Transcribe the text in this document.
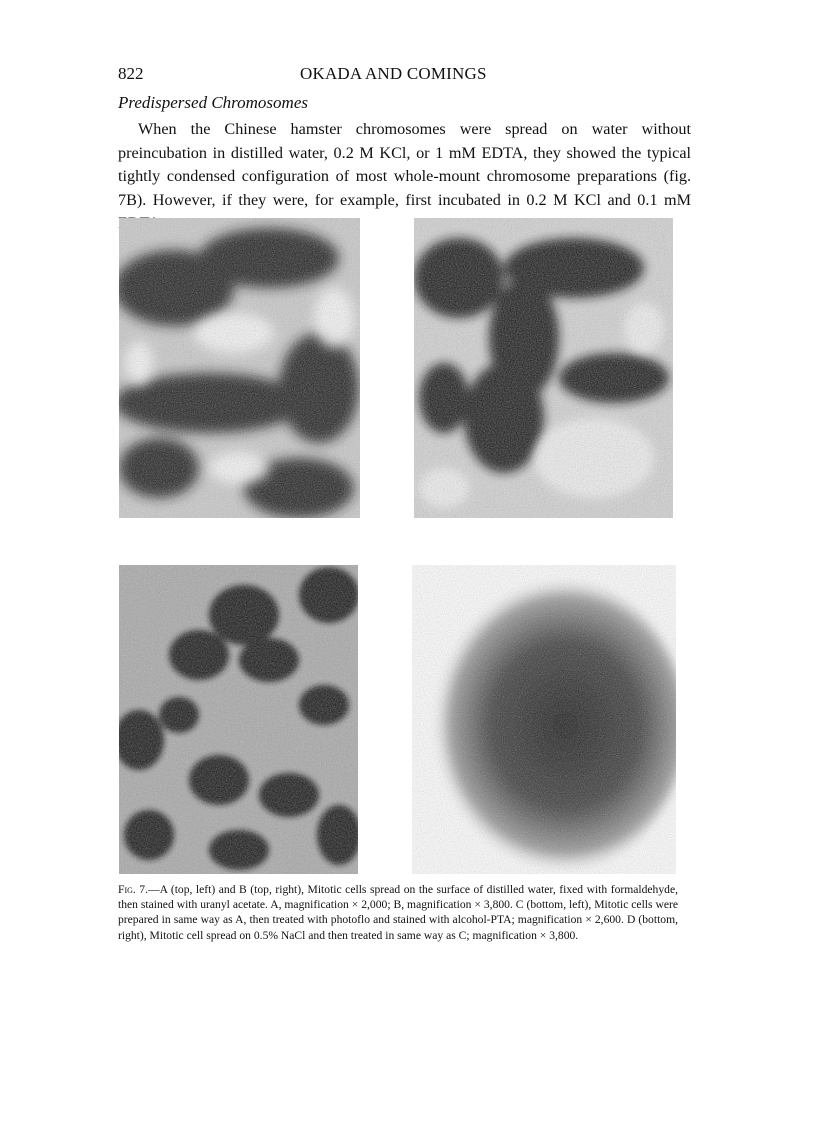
822	OKADA AND COMINGS
Predispersed Chromosomes

When the Chinese hamster chromosomes were spread on water without preincubation in distilled water, 0.2 M KCl, or 1 mM EDTA, they showed the typical tightly condensed configuration of most whole-mount chromosome preparations (fig. 7B). However, if they were, for example, first incubated in 0.2 M KCl and 0.1 mM

Fig. 7.—A (top, left) and B (top, right), Mitotic cells spread on the surface of distilled water, fixed with formaldehyde, then stained with uranyl acetate. A, magnification × 2,000; B, magnification × 3,800. C (bottom, left), Mitotic cells were prepared in same way as A, then treated with photoflo and stained with alcohol-PTA; magnification × 2,600. D (bottom, right), Mitotic cell spread on 0.5% NaCl and then treated in same way as C; magnification × 3,800.
